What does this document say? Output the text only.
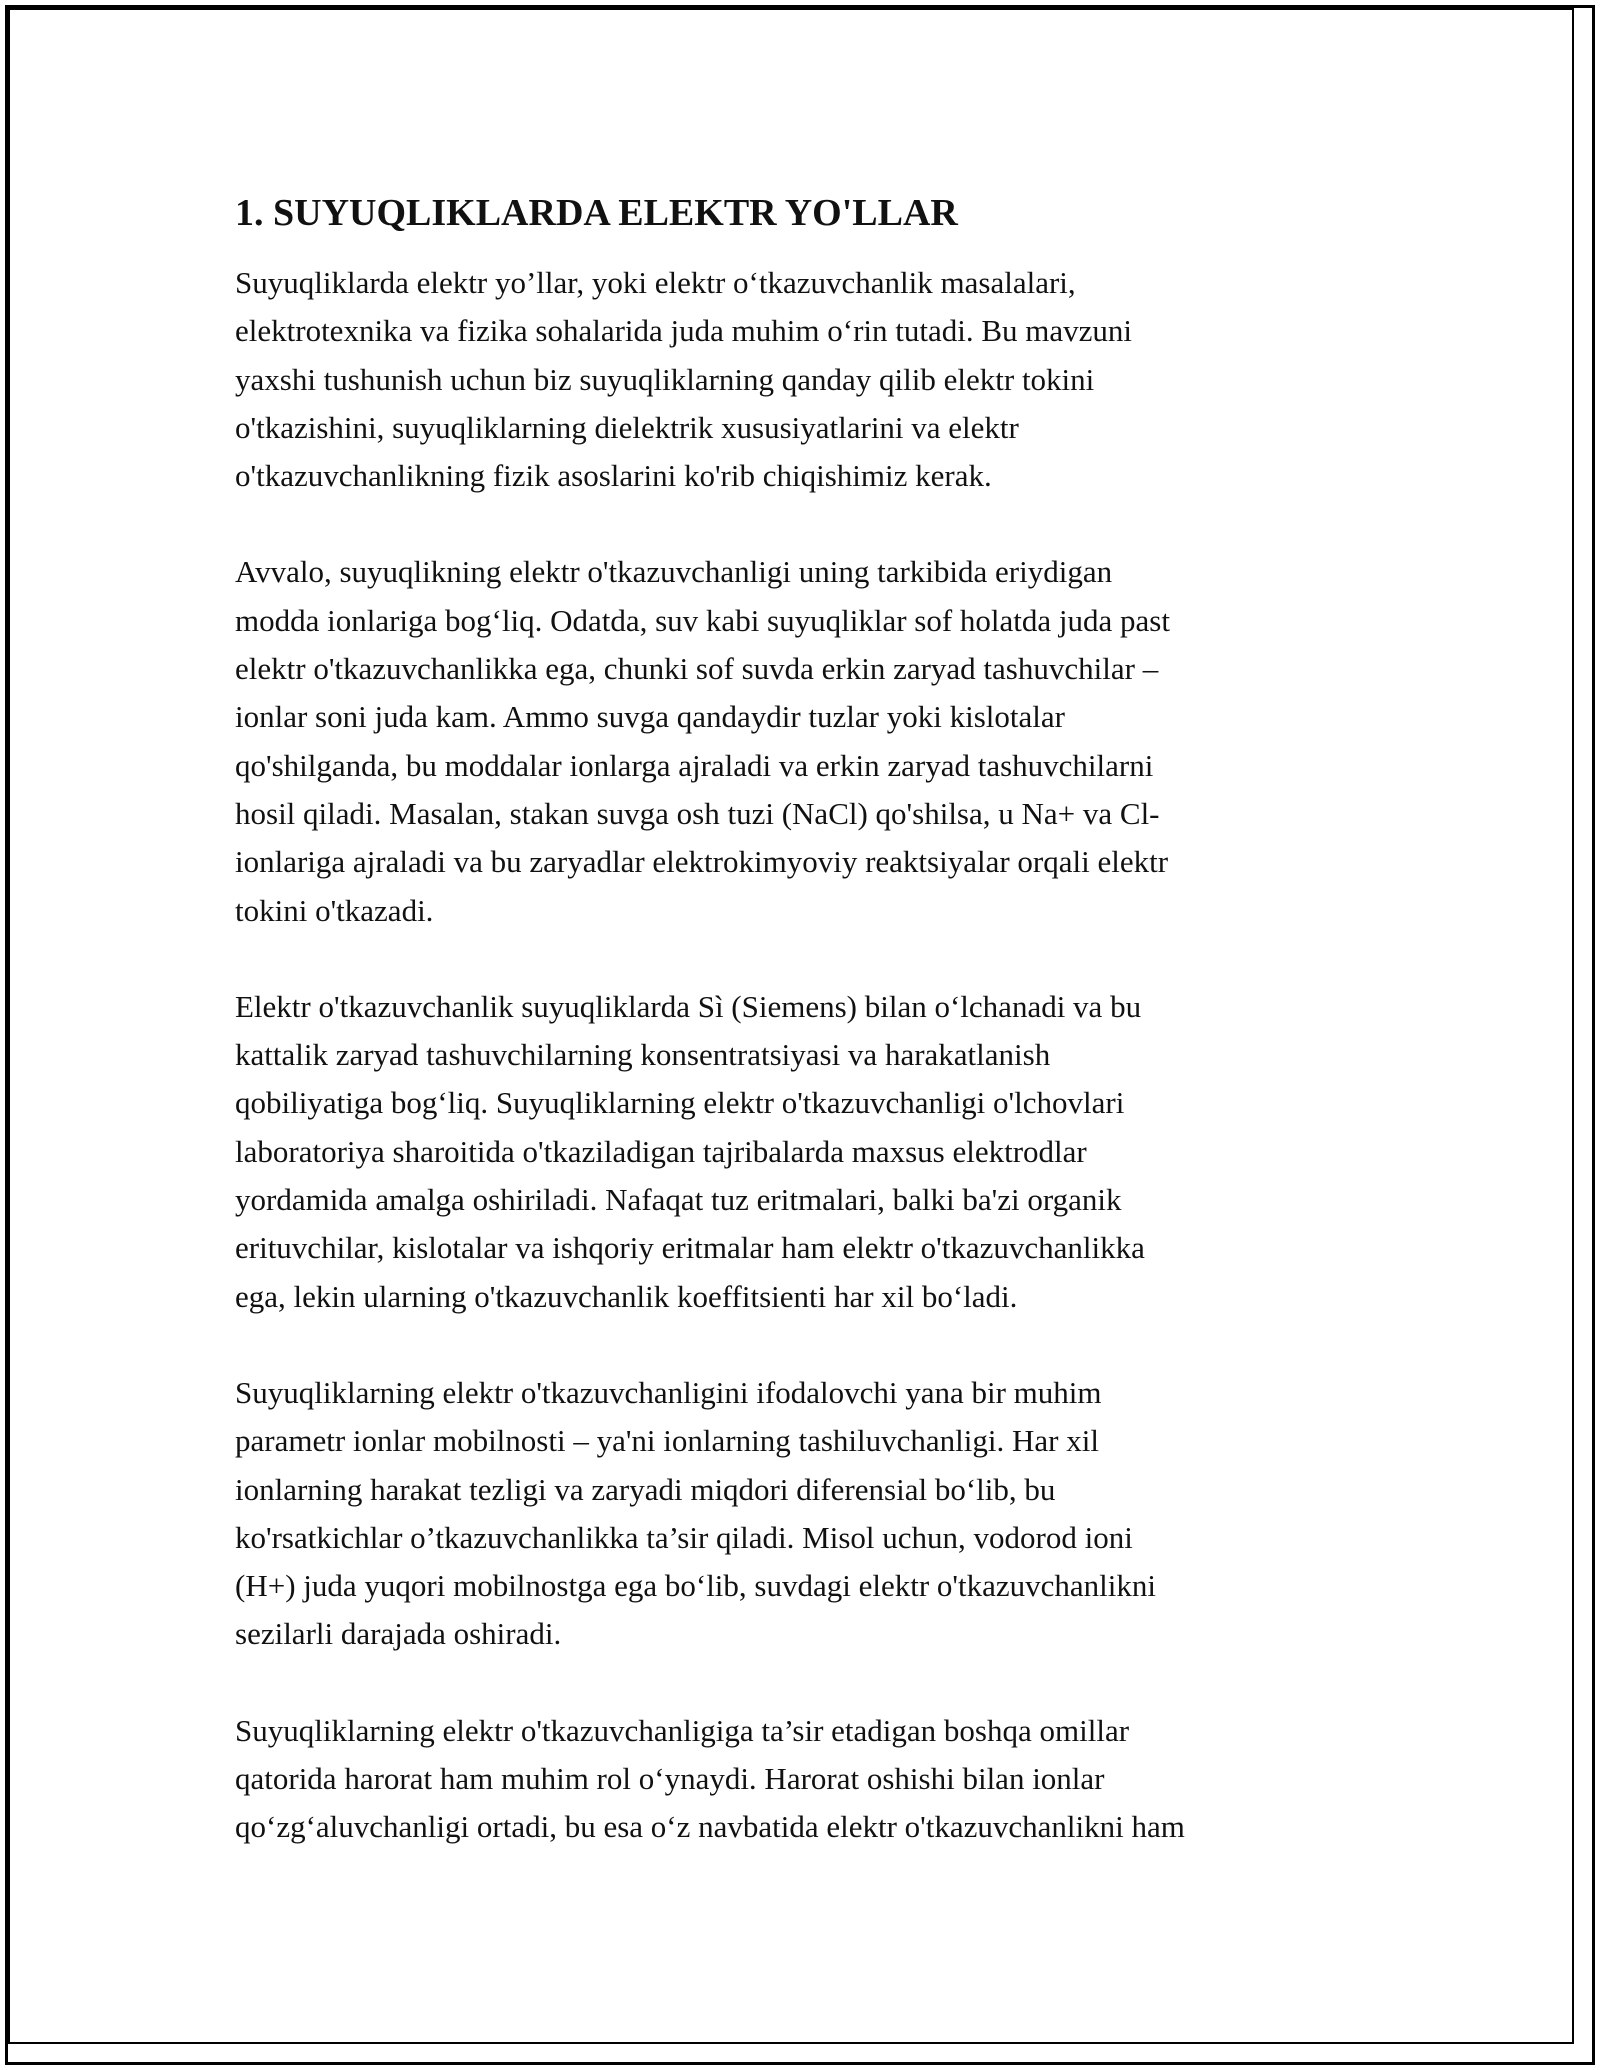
1. SUYUQLIKLARDA ELEKTR YO'LLAR

Suyuqliklarda elektr yo’llar, yoki elektr o‘tkazuvchanlik masalalari,
elektrotexnika va fizika sohalarida juda muhim o‘rin tutadi. Bu mavzuni
yaxshi tushunish uchun biz suyuqliklarning qanday qilib elektr tokini
o'tkazishini, suyuqliklarning dielektrik xususiyatlarini va elektr
o'tkazuvchanlikning fizik asoslarini ko'rib chiqishimiz kerak.

Avvalo, suyuqlikning elektr o'tkazuvchanligi uning tarkibida eriydigan
modda ionlariga bog‘liq. Odatda, suv kabi suyuqliklar sof holatda juda past
elektr o'tkazuvchanlikka ega, chunki sof suvda erkin zaryad tashuvchilar –
ionlar soni juda kam. Ammo suvga qandaydir tuzlar yoki kislotalar
qo'shilganda, bu moddalar ionlarga ajraladi va erkin zaryad tashuvchilarni
hosil qiladi. Masalan, stakan suvga osh tuzi (NaCl) qo'shilsa, u Na+ va Cl-
ionlariga ajraladi va bu zaryadlar elektrokimyoviy reaktsiyalar orqali elektr
tokini o'tkazadi.

Elektr o'tkazuvchanlik suyuqliklarda Sì (Siemens) bilan o‘lchanadi va bu
kattalik zaryad tashuvchilarning konsentratsiyasi va harakatlanish
qobiliyatiga bog‘liq. Suyuqliklarning elektr o'tkazuvchanligi o'lchovlari
laboratoriya sharoitida o'tkaziladigan tajribalarda maxsus elektrodlar
yordamida amalga oshiriladi. Nafaqat tuz eritmalari, balki ba'zi organik
erituvchilar, kislotalar va ishqoriy eritmalar ham elektr o'tkazuvchanlikka
ega, lekin ularning o'tkazuvchanlik koeffitsienti har xil bo‘ladi.

Suyuqliklarning elektr o'tkazuvchanligini ifodalovchi yana bir muhim
parametr ionlar mobilnosti – ya'ni ionlarning tashiluvchanligi. Har xil
ionlarning harakat tezligi va zaryadi miqdori diferensial bo‘lib, bu
ko'rsatkichlar o’tkazuvchanlikka ta’sir qiladi. Misol uchun, vodorod ioni
(H+) juda yuqori mobilnostga ega bo‘lib, suvdagi elektr o'tkazuvchanlikni
sezilarli darajada oshiradi.

Suyuqliklarning elektr o'tkazuvchanligiga ta’sir etadigan boshqa omillar
qatorida harorat ham muhim rol o‘ynaydi. Harorat oshishi bilan ionlar
qo‘zg‘aluvchanligi ortadi, bu esa o‘z navbatida elektr o'tkazuvchanlikni ham
